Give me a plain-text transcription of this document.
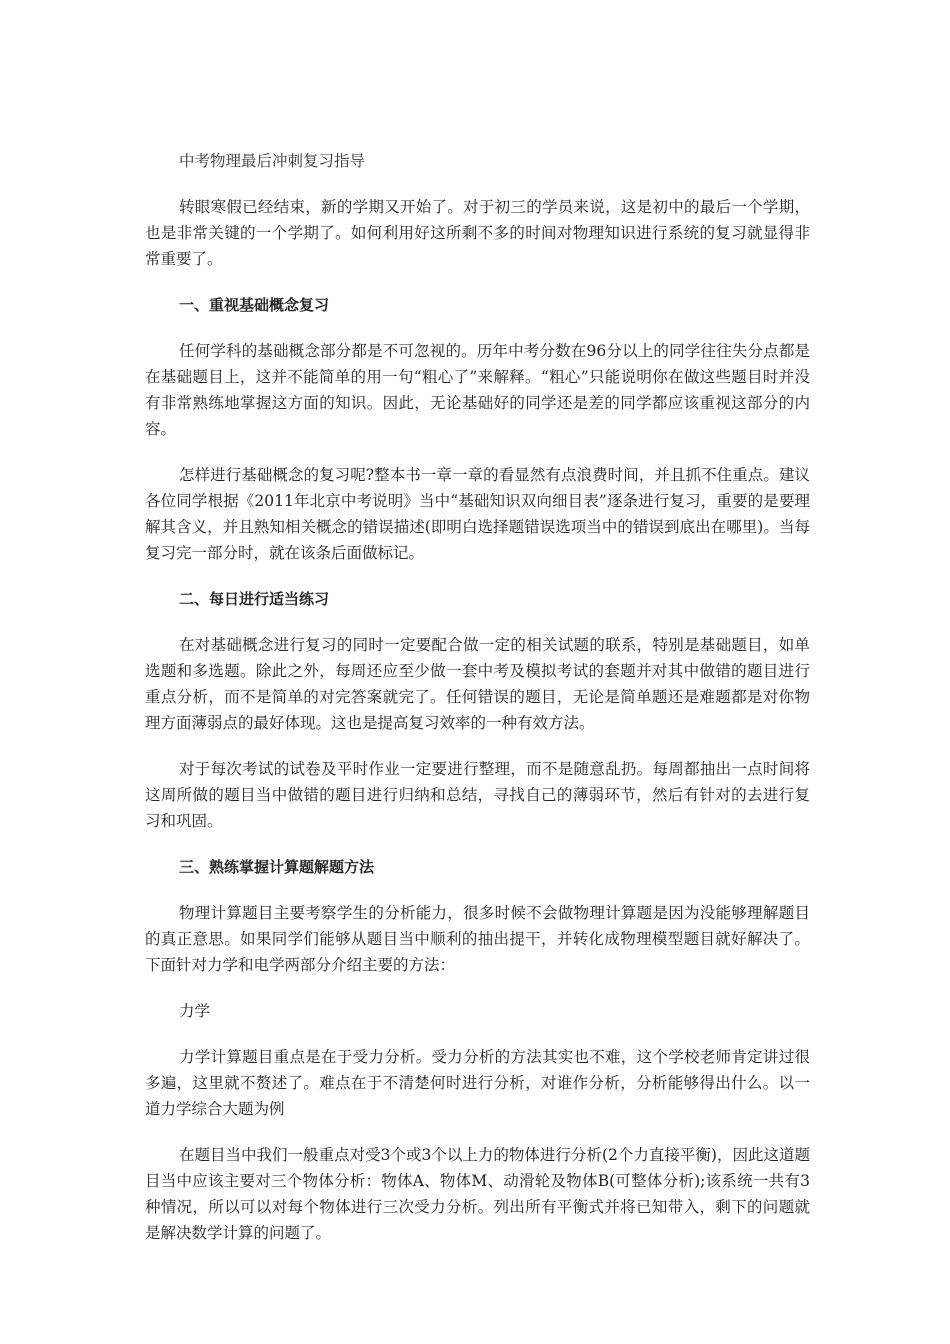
中考物理最后冲刺复习指导

转眼寒假已经结束，新的学期又开始了。对于初三的学员来说，这是初中的最后一个学期，也是非常关键的一个学期了。如何利用好这所剩不多的时间对物理知识进行系统的复习就显得非常重要了。

一、重视基础概念复习

任何学科的基础概念部分都是不可忽视的。历年中考分数在96分以上的同学往往失分点都是在基础题目上，这并不能简单的用一句“粗心了”来解释。“粗心”只能说明你在做这些题目时并没有非常熟练地掌握这方面的知识。因此，无论基础好的同学还是差的同学都应该重视这部分的内容。

怎样进行基础概念的复习呢?整本书一章一章的看显然有点浪费时间，并且抓不住重点。建议各位同学根据《2011年北京中考说明》当中“基础知识双向细目表”逐条进行复习，重要的是要理解其含义，并且熟知相关概念的错误描述(即明白选择题错误选项当中的错误到底出在哪里)。当每复习完一部分时，就在该条后面做标记。

二、每日进行适当练习

在对基础概念进行复习的同时一定要配合做一定的相关试题的联系，特别是基础题目，如单选题和多选题。除此之外，每周还应至少做一套中考及模拟考试的套题并对其中做错的题目进行重点分析，而不是简单的对完答案就完了。任何错误的题目，无论是简单题还是难题都是对你物理方面薄弱点的最好体现。这也是提高复习效率的一种有效方法。

对于每次考试的试卷及平时作业一定要进行整理，而不是随意乱扔。每周都抽出一点时间将这周所做的题目当中做错的题目进行归纳和总结，寻找自己的薄弱环节，然后有针对的去进行复习和巩固。

三、熟练掌握计算题解题方法

物理计算题目主要考察学生的分析能力，很多时候不会做物理计算题是因为没能够理解题目的真正意思。如果同学们能够从题目当中顺利的抽出提干，并转化成物理模型题目就好解决了。下面针对力学和电学两部分介绍主要的方法：

力学

力学计算题目重点是在于受力分析。受力分析的方法其实也不难，这个学校老师肯定讲过很多遍，这里就不赘述了。难点在于不清楚何时进行分析，对谁作分析，分析能够得出什么。以一道力学综合大题为例

在题目当中我们一般重点对受3个或3个以上力的物体进行分析(2个力直接平衡)，因此这道题目当中应该主要对三个物体分析：物体A、物体M、动滑轮及物体B(可整体分析);该系统一共有3种情况，所以可以对每个物体进行三次受力分析。列出所有平衡式并将已知带入，剩下的问题就是解决数学计算的问题了。
